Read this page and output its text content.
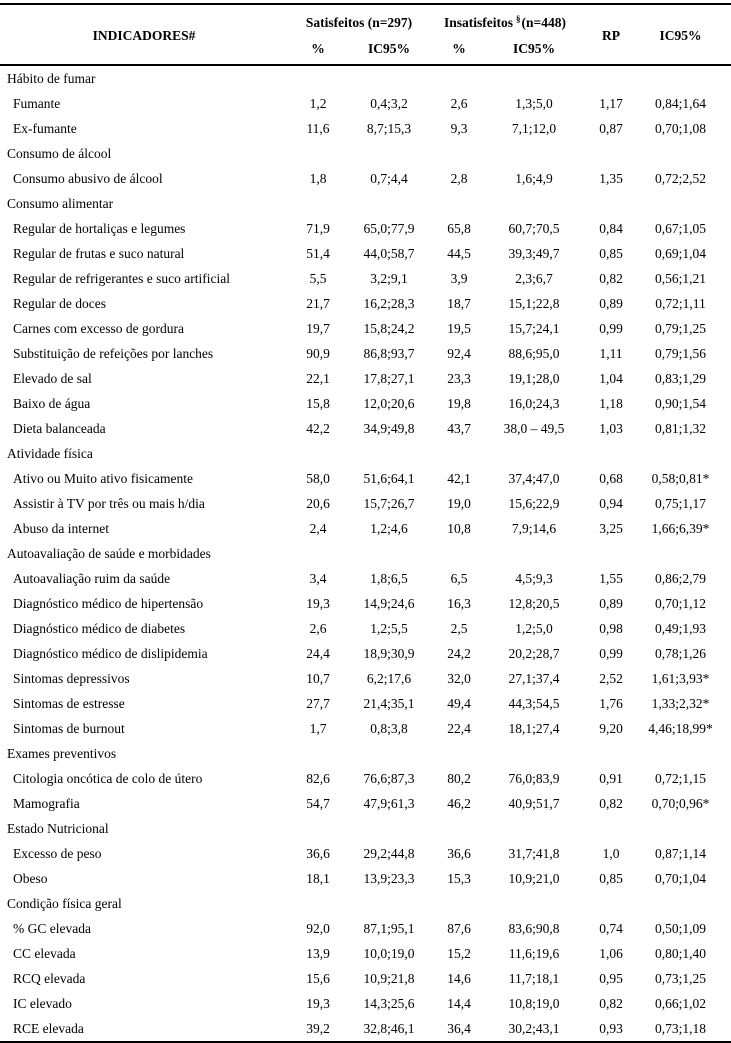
INDICADORES#	Satisfeitos (n=297)		Insatisfeitos §(n=448)		RP	IC95%
	%	IC95%	%	IC95%		
Hábito de fumar						
Fumante	1,2	0,4;3,2	2,6	1,3;5,0	1,17	0,84;1,64
Ex-fumante	11,6	8,7;15,3	9,3	7,1;12,0	0,87	0,70;1,08
Consumo de álcool						
Consumo abusivo de álcool	1,8	0,7;4,4	2,8	1,6;4,9	1,35	0,72;2,52
Consumo alimentar						
Regular de hortaliças e legumes	71,9	65,0;77,9	65,8	60,7;70,5	0,84	0,67;1,05
Regular de frutas e suco natural	51,4	44,0;58,7	44,5	39,3;49,7	0,85	0,69;1,04
Regular de refrigerantes e suco artificial	5,5	3,2;9,1	3,9	2,3;6,7	0,82	0,56;1,21
Regular de doces	21,7	16,2;28,3	18,7	15,1;22,8	0,89	0,72;1,11
Carnes com excesso de gordura	19,7	15,8;24,2	19,5	15,7;24,1	0,99	0,79;1,25
Substituição de refeições por lanches	90,9	86,8;93,7	92,4	88,6;95,0	1,11	0,79;1,56
Elevado de sal	22,1	17,8;27,1	23,3	19,1;28,0	1,04	0,83;1,29
Baixo de água	15,8	12,0;20,6	19,8	16,0;24,3	1,18	0,90;1,54
Dieta balanceada	42,2	34,9;49,8	43,7	38,0 – 49,5	1,03	0,81;1,32
Atividade física						
Ativo ou Muito ativo fisicamente	58,0	51,6;64,1	42,1	37,4;47,0	0,68	0,58;0,81*
Assistir à TV por três ou mais h/dia	20,6	15,7;26,7	19,0	15,6;22,9	0,94	0,75;1,17
Abuso da internet	2,4	1,2;4,6	10,8	7,9;14,6	3,25	1,66;6,39*
Autoavaliação de saúde e morbidades						
Autoavaliação ruim da saúde	3,4	1,8;6,5	6,5	4,5;9,3	1,55	0,86;2,79
Diagnóstico médico de hipertensão	19,3	14,9;24,6	16,3	12,8;20,5	0,89	0,70;1,12
Diagnóstico médico de diabetes	2,6	1,2;5,5	2,5	1,2;5,0	0,98	0,49;1,93
Diagnóstico médico de dislipidemia	24,4	18,9;30,9	24,2	20,2;28,7	0,99	0,78;1,26
Sintomas depressivos	10,7	6,2;17,6	32,0	27,1;37,4	2,52	1,61;3,93*
Sintomas de estresse	27,7	21,4;35,1	49,4	44,3;54,5	1,76	1,33;2,32*
Sintomas de burnout	1,7	0,8;3,8	22,4	18,1;27,4	9,20	4,46;18,99*
Exames preventivos						
Citologia oncótica de colo de útero	82,6	76,6;87,3	80,2	76,0;83,9	0,91	0,72;1,15
Mamografia	54,7	47,9;61,3	46,2	40,9;51,7	0,82	0,70;0,96*
Estado Nutricional						
Excesso de peso	36,6	29,2;44,8	36,6	31,7;41,8	1,0	0,87;1,14
Obeso	18,1	13,9;23,3	15,3	10,9;21,0	0,85	0,70;1,04
Condição física geral						
% GC elevada	92,0	87,1;95,1	87,6	83,6;90,8	0,74	0,50;1,09
CC elevada	13,9	10,0;19,0	15,2	11,6;19,6	1,06	0,80;1,40
RCQ elevada	15,6	10,9;21,8	14,6	11,7;18,1	0,95	0,73;1,25
IC elevado	19,3	14,3;25,6	14,4	10,8;19,0	0,82	0,66;1,02
RCE elevada	39,2	32,8;46,1	36,4	30,2;43,1	0,93	0,73;1,18
